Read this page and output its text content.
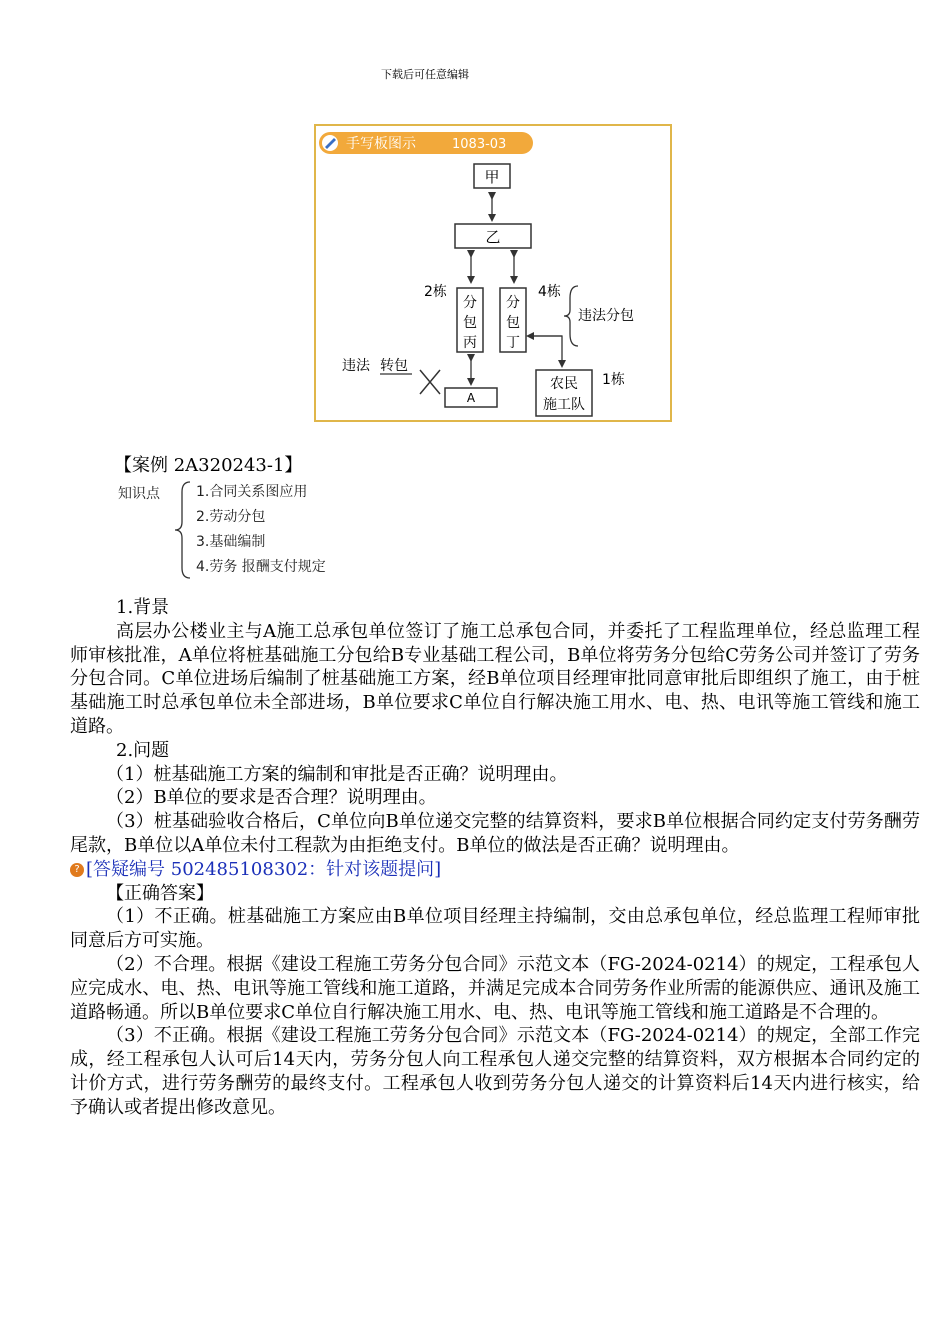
下载后可任意编辑
手写板图示	1083-03
甲
乙
分
包
丙
分
包
丁
2栋	4栋
违法分包
A
违法 转包
农民
施工队
1栋
【案例 2A320243-1】
知识点	1.合同关系图应用
2.劳动分包
3.基础编制
4.劳务 报酬支付规定

1.背景

高层办公楼业主与A施工总承包单位签订了施工总承包合同，并委托了工程监理单位，经总监理工程师审核批准，A单位将桩基础施工分包给B专业基础工程公司，B单位将劳务分包给C劳务公司并签订了劳务分包合同。C单位进场后编制了桩基础施工方案，经B单位项目经理审批同意审批后即组织了施工，由于桩基础施工时总承包单位未全部进场，B单位要求C单位自行解决施工用水、电、热、电讯等施工管线和施工道路。

2.问题

（1）桩基础施工方案的编制和审批是否正确？说明理由。

（2）B单位的要求是否合理？说明理由。

（3）桩基础验收合格后，C单位向B单位递交完整的结算资料，要求B单位根据合同约定支付劳务酬劳尾款，B单位以A单位未付工程款为由拒绝支付。B单位的做法是否正确？说明理由。

? [答疑编号 502485108302：针对该题提问]

【正确答案】

（1）不正确。桩基础施工方案应由B单位项目经理主持编制，交由总承包单位，经总监理工程师审批同意后方可实施。

（2）不合理。根据《建设工程施工劳务分包合同》示范文本（FG-2024-0214）的规定，工程承包人应完成水、电、热、电讯等施工管线和施工道路，并满足完成本合同劳务作业所需的能源供应、通讯及施工道路畅通。所以B单位要求C单位自行解决施工用水、电、热、电讯等施工管线和施工道路是不合理的。

（3）不正确。根据《建设工程施工劳务分包合同》示范文本（FG-2024-0214）的规定，全部工作完成，经工程承包人认可后14天内，劳务分包人向工程承包人递交完整的结算资料，双方根据本合同约定的计价方式，进行劳务酬劳的最终支付。工程承包人收到劳务分包人递交的计算资料后14天内进行核实，给予确认或者提出修改意见。
